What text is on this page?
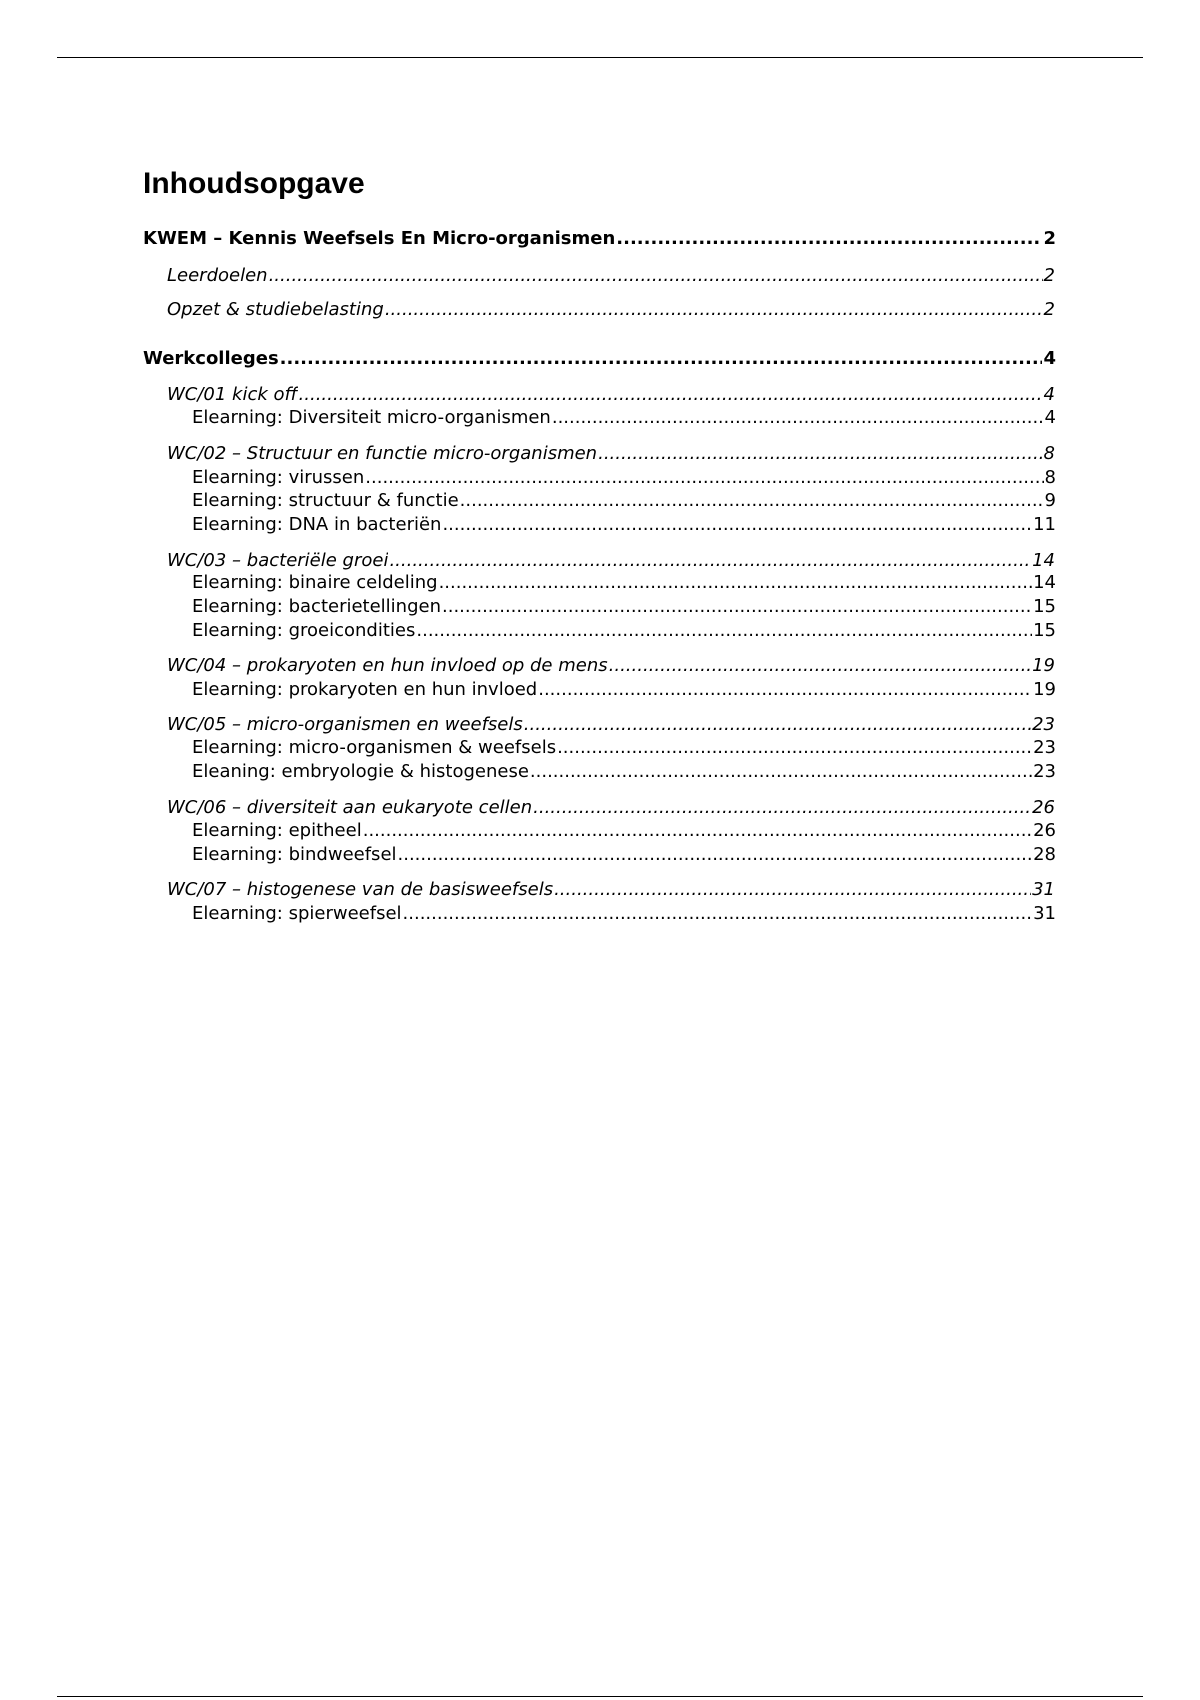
Inhoudsopgave
KWEM – Kennis Weefsels En Micro-organismen .....	2
Leerdoelen .....	2
Opzet & studiebelasting .....	2
Werkcolleges .....	4
WC/01 kick off .....	4
Elearning: Diversiteit micro-organismen .....	4
WC/02 – Structuur en functie micro-organismen .....	8
Elearning: virussen .....	8
Elearning: structuur & functie .....	9
Elearning: DNA in bacteriën .....	11
WC/03 – bacteriële groei .....	14
Elearning: binaire celdeling .....	14
Elearning: bacterietellingen .....	15
Elearning: groeicondities .....	15
WC/04 – prokaryoten en hun invloed op de mens .....	19
Elearning: prokaryoten en hun invloed .....	19
WC/05 – micro-organismen en weefsels .....	23
Elearning: micro-organismen & weefsels .....	23
Eleaning: embryologie & histogenese .....	23
WC/06 – diversiteit aan eukaryote cellen .....	26
Elearning: epitheel .....	26
Elearning: bindweefsel .....	28
WC/07 – histogenese van de basisweefsels .....	31
Elearning: spierweefsel .....	31
